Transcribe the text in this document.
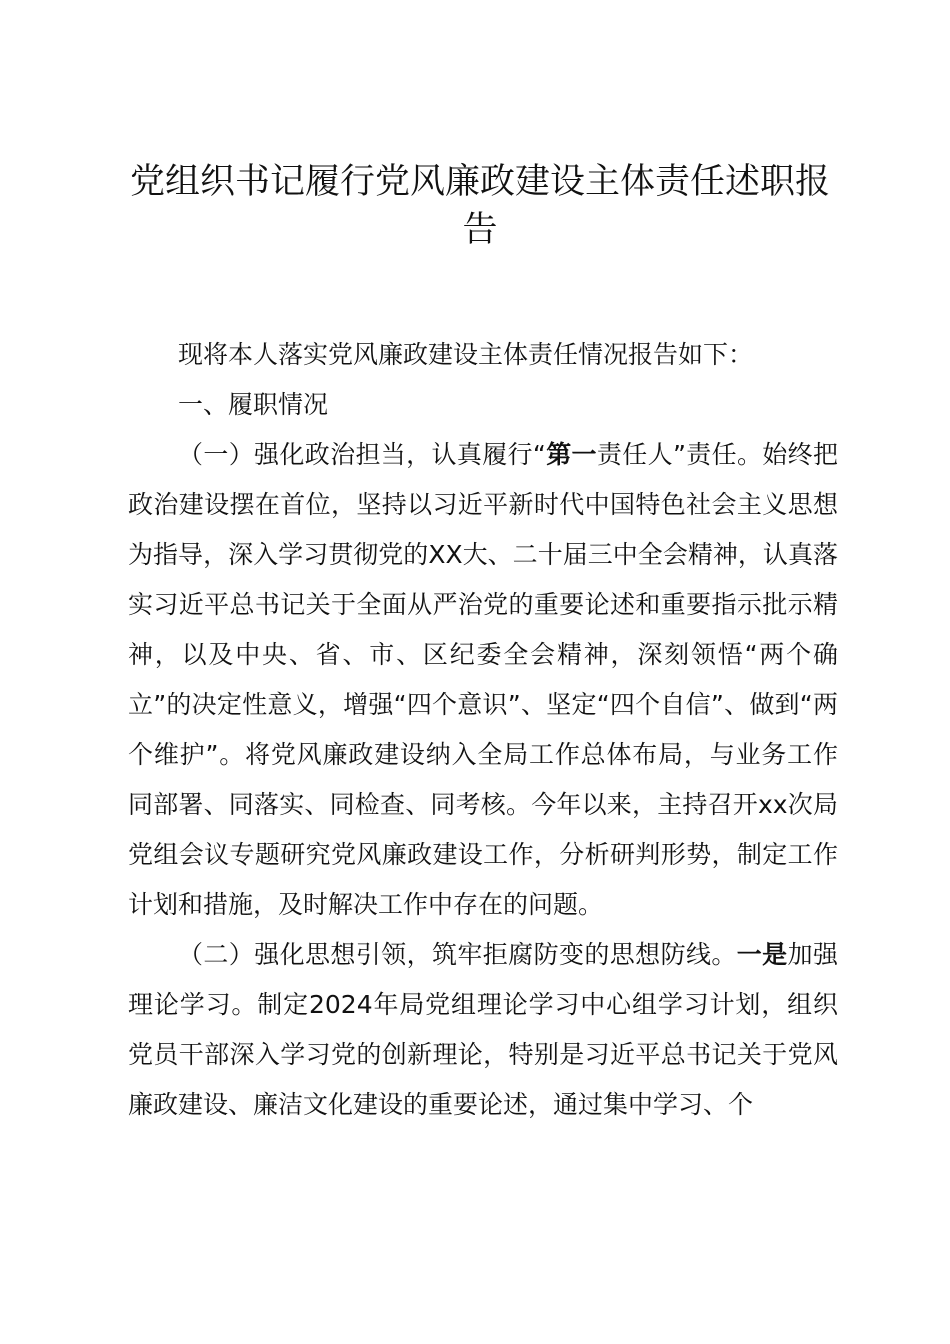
党组织书记履行党风廉政建设主体责任述职报告

现将本人落实党风廉政建设主体责任情况报告如下：

一、履职情况

（一）强化政治担当，认真履行“第一责任人”责任。始终把政治建设摆在首位，坚持以习近平新时代中国特色社会主义思想为指导，深入学习贯彻党的XX大、二十届三中全会精神，认真落实习近平总书记关于全面从严治党的重要论述和重要指示批示精神，以及中央、省、市、区纪委全会精神，深刻领悟“两个确立”的决定性意义，增强“四个意识”、坚定“四个自信”、做到“两个维护”。将党风廉政建设纳入全局工作总体布局，与业务工作同部署、同落实、同检查、同考核。今年以来，主持召开xx次局党组会议专题研究党风廉政建设工作，分析研判形势，制定工作计划和措施，及时解决工作中存在的问题。

（二）强化思想引领，筑牢拒腐防变的思想防线。一是加强理论学习。制定2024年局党组理论学习中心组学习计划，组织党员干部深入学习党的创新理论，特别是习近平总书记关于党风廉政建设、廉洁文化建设的重要论述，通过集中学习、个
